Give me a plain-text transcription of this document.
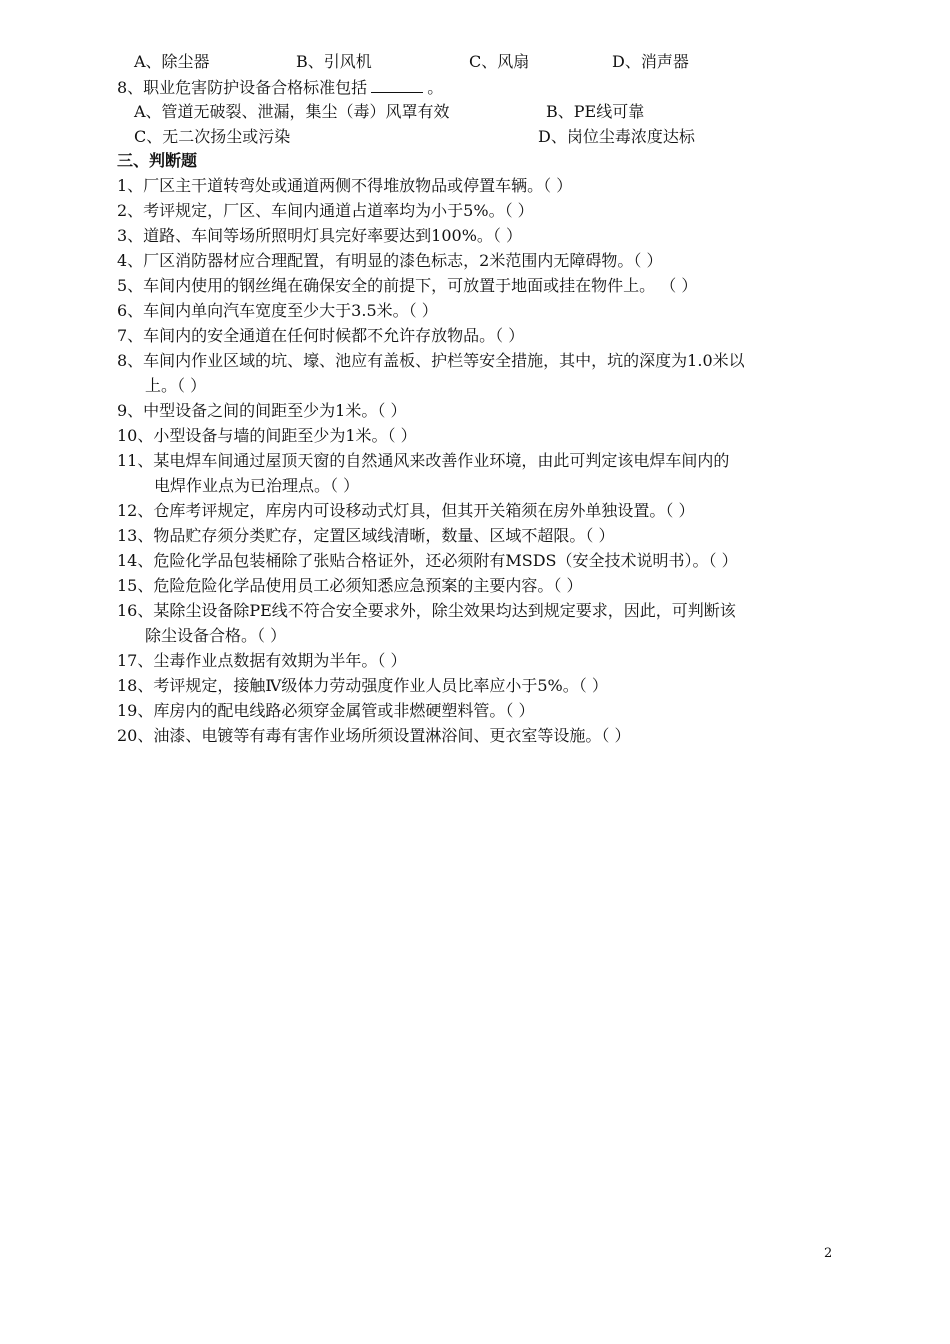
A、除尘器	B、引风机	C、风扇	D、消声器
8、职业危害防护设备合格标准包括	。
A、管道无破裂、泄漏，集尘（毒）风罩有效	B、PE线可靠
C、无二次扬尘或污染	D、岗位尘毒浓度达标
三、判断题
1、厂区主干道转弯处或通道两侧不得堆放物品或停置车辆。（ ）
2、考评规定，厂区、车间内通道占道率均为小于5%。（ ）
3、道路、车间等场所照明灯具完好率要达到100%。（ ）
4、厂区消防器材应合理配置，有明显的漆色标志，2米范围内无障碍物。（ ）
5、车间内使用的钢丝绳在确保安全的前提下，可放置于地面或挂在物件上。 （ ）
6、车间内单向汽车宽度至少大于3.5米。（ ）
7、车间内的安全通道在任何时候都不允许存放物品。（ ）
8、车间内作业区域的坑、壕、池应有盖板、护栏等安全措施，其中，坑的深度为1.0米以
上。（ ）
9、中型设备之间的间距至少为1米。（ ）
10、小型设备与墙的间距至少为1米。（ ）
11、某电焊车间通过屋顶天窗的自然通风来改善作业环境，由此可判定该电焊车间内的
电焊作业点为已治理点。（ ）
12、仓库考评规定，库房内可设移动式灯具，但其开关箱须在房外单独设置。（ ）
13、物品贮存须分类贮存，定置区域线清晰，数量、区域不超限。（ ）
14、危险化学品包装桶除了张贴合格证外，还必须附有MSDS（安全技术说明书）。（ ）
15、危险危险化学品使用员工必须知悉应急预案的主要内容。（ ）
16、某除尘设备除PE线不符合安全要求外，除尘效果均达到规定要求，因此，可判断该
除尘设备合格。（ ）
17、尘毒作业点数据有效期为半年。（ ）
18、考评规定，接触Ⅳ级体力劳动强度作业人员比率应小于5%。（ ）
19、库房内的配电线路必须穿金属管或非燃硬塑料管。（ ）
20、油漆、电镀等有毒有害作业场所须设置淋浴间、更衣室等设施。（ ）
2
